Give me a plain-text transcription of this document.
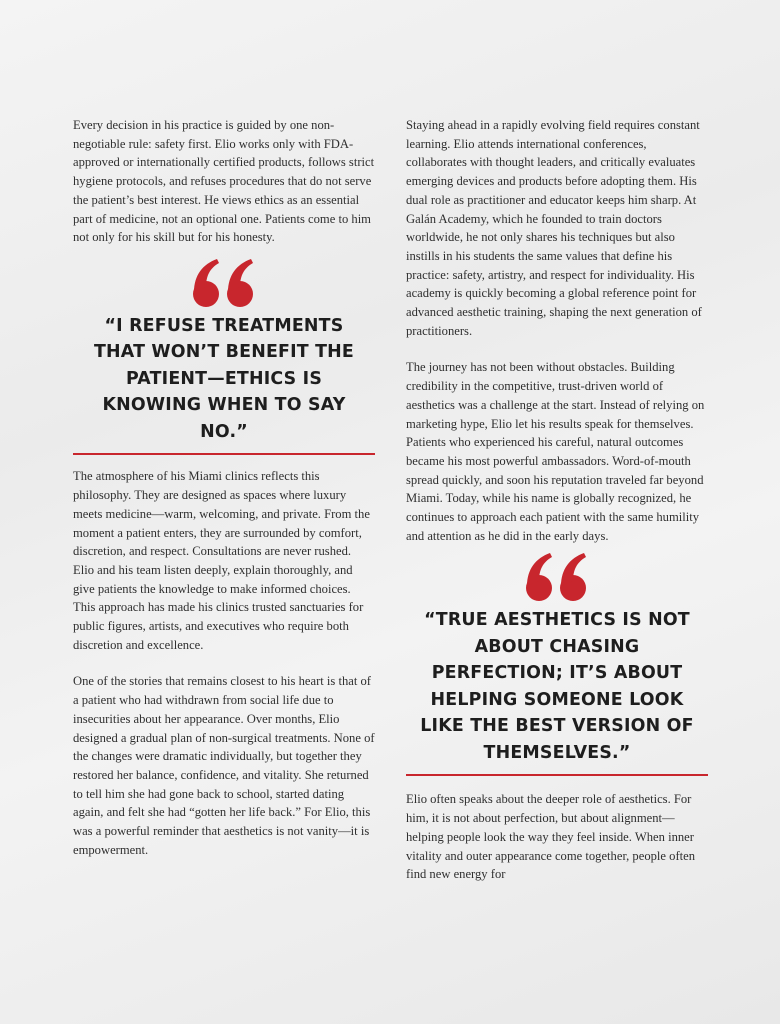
Every decision in his practice is guided by one non-negotiable rule: safety first. Elio works only with FDA-approved or internationally certified products, follows strict hygiene protocols, and refuses procedures that do not serve the patient’s best interest. He views ethics as an essential part of medicine, not an optional one. Patients come to him not only for his skill but for his honesty.

“I REFUSE TREATMENTS THAT WON’T BENEFIT THE PATIENT—ETHICS IS KNOWING WHEN TO SAY NO.”

The atmosphere of his Miami clinics reflects this philosophy. They are designed as spaces where luxury meets medicine—warm, welcoming, and private. From the moment a patient enters, they are surrounded by comfort, discretion, and respect. Consultations are never rushed. Elio and his team listen deeply, explain thoroughly, and give patients the knowledge to make informed choices. This approach has made his clinics trusted sanctuaries for public figures, artists, and executives who require both discretion and excellence.

One of the stories that remains closest to his heart is that of a patient who had withdrawn from social life due to insecurities about her appearance. Over months, Elio designed a gradual plan of non-surgical treatments. None of the changes were dramatic individually, but together they restored her balance, confidence, and vitality. She returned to tell him she had gone back to school, started dating again, and felt she had “gotten her life back.” For Elio, this was a powerful reminder that aesthetics is not vanity—it is empowerment.

Staying ahead in a rapidly evolving field requires constant learning. Elio attends international conferences, collaborates with thought leaders, and critically evaluates emerging devices and products before adopting them. His dual role as practitioner and educator keeps him sharp. At Galán Academy, which he founded to train doctors worldwide, he not only shares his techniques but also instills in his students the same values that define his practice: safety, artistry, and respect for individuality. His academy is quickly becoming a global reference point for advanced aesthetic training, shaping the next generation of practitioners.

The journey has not been without obstacles. Building credibility in the competitive, trust-driven world of aesthetics was a challenge at the start. Instead of relying on marketing hype, Elio let his results speak for themselves. Patients who experienced his careful, natural outcomes became his most powerful ambassadors. Word-of-mouth spread quickly, and soon his reputation traveled far beyond Miami. Today, while his name is globally recognized, he continues to approach each patient with the same humility and attention as he did in the early days.

“TRUE AESTHETICS IS NOT ABOUT CHASING PERFECTION; IT’S ABOUT HELPING SOMEONE LOOK LIKE THE BEST VERSION OF THEMSELVES.”

Elio often speaks about the deeper role of aesthetics. For him, it is not about perfection, but about alignment—helping people look the way they feel inside. When inner vitality and outer appearance come together, people often find new energy for
